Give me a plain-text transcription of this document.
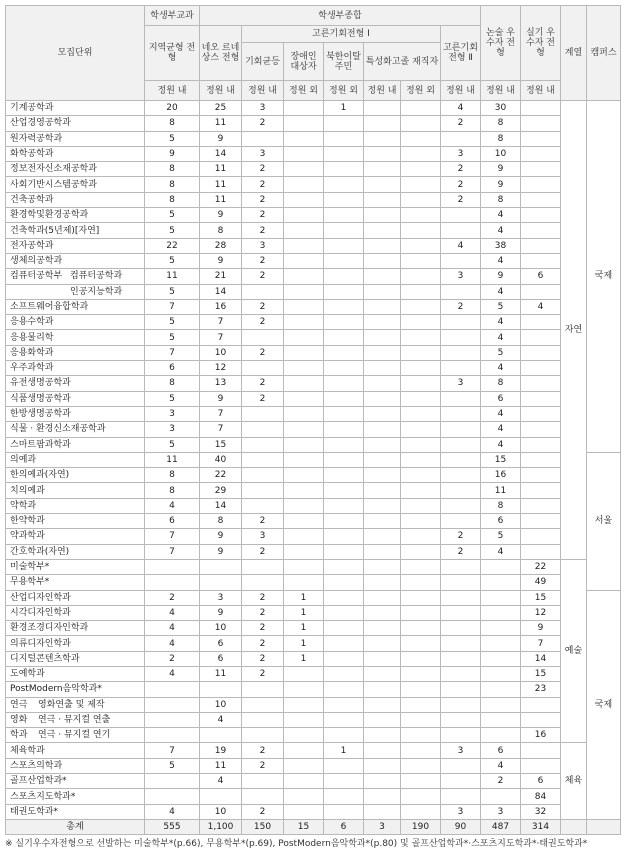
모집단위	학생부교과	학생부종합							논술 우수자 전형	실기 우수자 전형	계열	캠퍼스
	지역균형 전형	네오 르네상스 전형	고른기회전형 Ⅰ					고른기회 전형 Ⅱ				
			기회균등	장애인 대상자	북한이탈 주민	특성화고졸 재직자						
	정원 내	정원 내	정원 내	정원 외	정원 외	정원 내	정원 외	정원 내	정원 내	정원 내		
기계공학과	20	25	3		1			4	30		자연	국제
산업경영공학과	8	11	2					2	8			
원자력공학과	5	9							8			
화학공학과	9	14	3					3	10			
정보전자신소재공학과	8	11	2					2	9			
사회기반시스템공학과	8	11	2					2	9			
건축공학과	8	11	2					2	8			
환경학및환경공학과	5	9	2						4			
건축학과(5년제)[자연]	5	8	2						4			
전자공학과	22	28	3					4	38			
생체의공학과	5	9	2						4			
컴퓨터공학부 컴퓨터공학과	11	21	2					3	9	6		
인공지능학과	5	14							4			
소프트웨어융합학과	7	16	2					2	5	4		
응용수학과	5	7	2						4			
응용물리학	5	7							4			
응용화학과	7	10	2						5			
우주과학과	6	12							4			
유전생명공학과	8	13	2					3	8			
식품생명공학과	5	9	2						6			
한방생명공학과	3	7							4			
식물 · 환경신소재공학과	3	7							4			
스마트팜과학과	5	15							4			
의예과	11	40							15			서울
한의예과(자연)	8	22							16			
치의예과	8	29							11			
약학과	4	14							8			
한약학과	6	8	2						6			
약과학과	7	9	3					2	5			
간호학과(자연)	7	9	2					2	4			
미술학부*										22	예술	
무용학부*										49		
산업디자인학과	2	3	2	1						15		국제
시각디자인학과	4	9	2	1						12		
환경조경디자인학과	4	10	2	1						9		
의류디자인학과	4	6	2	1						7		
디지털콘텐츠학과	2	6	2	1						14		
도예학과	4	11	2							15		
PostModern음악학과*										23		
연극 영화연출 및 제작		10										
영화 연극 · 뮤지컬 연출		4										
학과 연극 · 뮤지컬 연기										16		
체육학과	7	19	2		1			3	6		체육	
스포츠의학과	5	11	2						4			
골프산업학과*		4							2	6		
스포츠지도학과*										84		
태권도학과*	4	10	2					3	3	32		
총계	555	1,100	150	15	6	3	190	90	487	314		
※ 실기우수자전형으로 선발하는 미술학부*(p.66), 무용학부*(p.69), PostModern음악학과*(p.80) 및 골프산업학과*·스포츠지도학과*·태권도학과*
